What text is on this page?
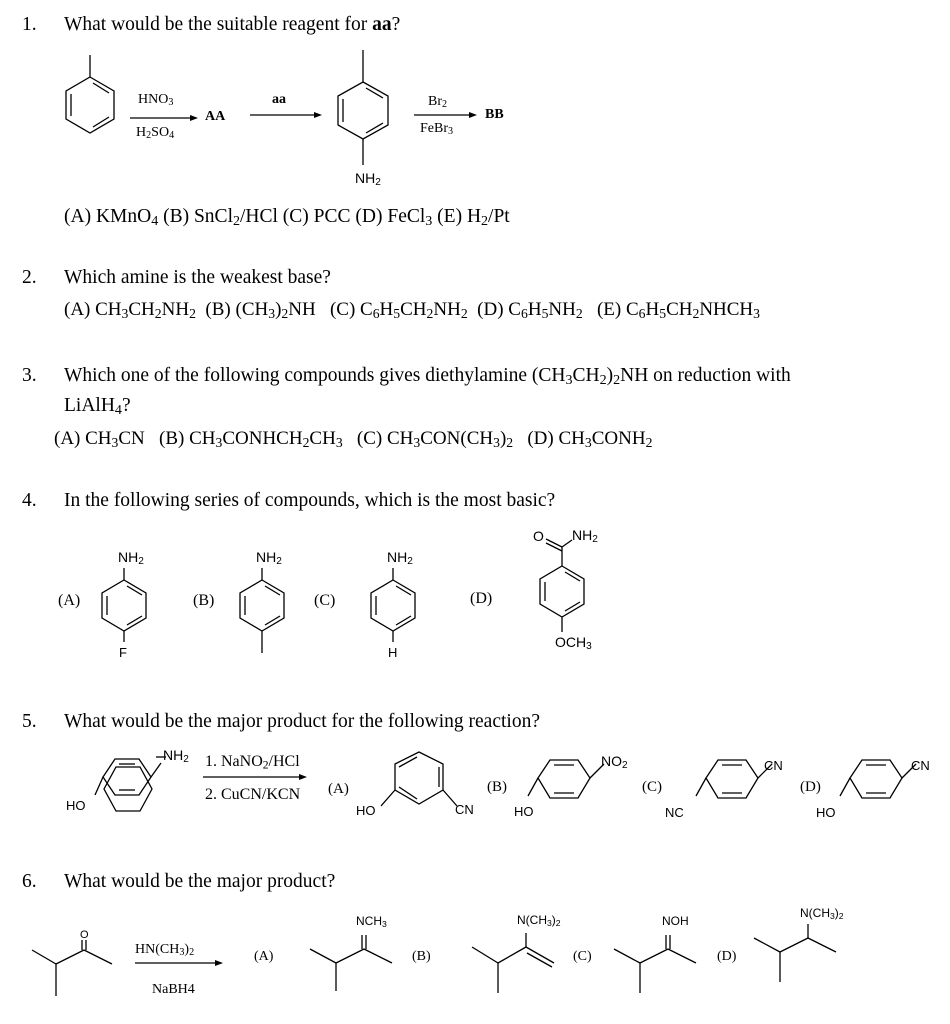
1. What would be the suitable reagent for aa?
$HNO_3$
$H_2SO_4$
AA
aa
$NH_2$
$Br_2$
FeBr$_3$
BB
(A) KMnO$_4$ (B) SnCl$_2$/HCl (C) PCC (D) FeCl$_3$ (E) $H_2/Pt$
2. Which amine is the weakest base?
(A) $CH_3CH_2NH_2$  (B) $(CH_3)_2NH$   (C) $C_6H_5CH_2NH_2$  (D) $C_6H_5NH_2$   (E) $C_6H_5CH_2NHCH_3$
3. Which one of the following compounds gives diethylamine $(CH_3CH_2)_2NH$ on reduction with
LiAlH$_4$?
(A) $CH_3CN$   (B) $CH_3CONHCH_2CH_3$   (C) $CH_3CON(CH_3)_2$   (D) $CH_3CONH_2$
4. In the following series of compounds, which is the most basic?
(A)
$NH_2$
F
(B)
$NH_2$
(C)
$NH_2$
H
(D)
O $NH_2$
$OCH_3$
5. What would be the major product for the following reaction?
$NH_2$
HO
1. NaNO$_2$/HCl
2. CuCN/KCN (A)
HO	CN
(B)
$NO_2$
HO
(C)
CN
NC
(D)
CN
HO
6. What would be the major product?
O
$HN(CH_3)_2$
NaBH4
(A)
$NCH_3$
(B)
$N(CH_3)_2$
(C)
NOH
(D)
$N(CH_3)_2$
